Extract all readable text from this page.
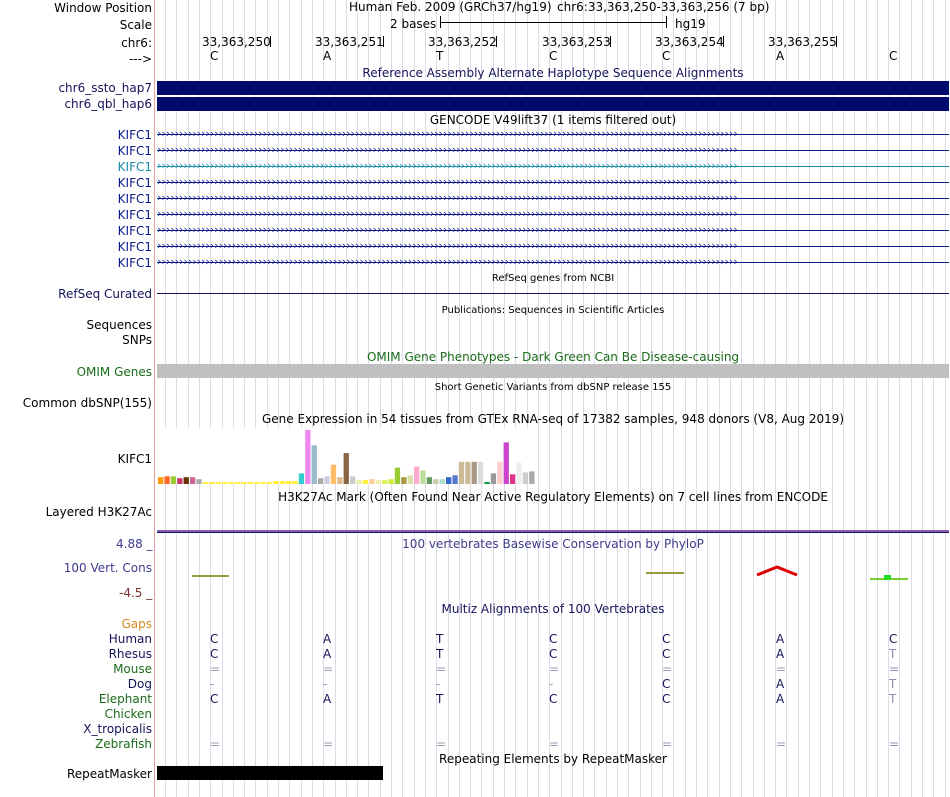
Window Position	Human Feb. 2009 (GRCh37/hg19) chr6:33,363,250-33,363,256 (7 bp)
Scale	2 bases	hg19
chr6:	33,363,250	33,363,251	33,363,252	33,363,253	33,363,254	33,363,255
--->	C	A	T	C	C	A	C
Reference Assembly Alternate Haplotype Sequence Alignments
chr6_ssto_hap7
chr6_qbl_hap6
GENCODE V49lift37 (1 items filtered out)
KIFC1 ››››››››››››››››››››››››››››››››››››››››››››››››››››››››››››››››››››››››››››››››››››››››››››››››››››››››››››››››››››››››››››››››››››
KIFC1 ››››››››››››››››››››››››››››››››››››››››››››››››››››››››››››››››››››››››››››››››››››››››››››››››››››››››››››››››››››››››››››››››››››
KIFC1 ››››››››››››››››››››››››››››››››››››››››››››››››››››››››››››››››››››››››››››››››››››››››››››››››››››››››››››››››››››››››››››››››››››
KIFC1 ››››››››››››››››››››››››››››››››››››››››››››››››››››››››››››››››››››››››››››››››››››››››››››››››››››››››››››››››››››››››››››››››››››
KIFC1 ››››››››››››››››››››››››››››››››››››››››››››››››››››››››››››››››››››››››››››››››››››››››››››››››››››››››››››››››››››››››››››››››››››
KIFC1 ››››››››››››››››››››››››››››››››››››››››››››››››››››››››››››››››››››››››››››››››››››››››››››››››››››››››››››››››››››››››››››››››››››
KIFC1 ››››››››››››››››››››››››››››››››››››››››››››››››››››››››››››››››››››››››››››››››››››››››››››››››››››››››››››››››››››››››››››››››››››
KIFC1 ››››››››››››››››››››››››››››››››››››››››››››››››››››››››››››››››››››››››››››››››››››››››››››››››››››››››››››››››››››››››››››››››››››
KIFC1 ››››››››››››››››››››››››››››››››››››››››››››››››››››››››››››››››››››››››››››››››››››››››››››››››››››››››››››››››››››››››››››››››››››
RefSeq genes from NCBI
RefSeq Curated
Publications: Sequences in Scientific Articles
Sequences
SNPs
OMIM Gene Phenotypes - Dark Green Can Be Disease-causing
OMIM Genes
Short Genetic Variants from dbSNP release 155
Common dbSNP(155)
Gene Expression in 54 tissues from GTEx RNA-seq of 17382 samples, 948 donors (V8, Aug 2019)
KIFC1
H3K27Ac Mark (Often Found Near Active Regulatory Elements) on 7 cell lines from ENCODE
Layered H3K27Ac
4.88 _	100 vertebrates Basewise Conservation by PhyloP
100 Vert. Cons
-4.5 _
Multiz Alignments of 100 Vertebrates
Gaps
Human	C	A	T	C	C	A	C
Rhesus	C	A	T	C	C	A	T
Mouse	=	=	=	=	=	=	=
Dog	-	-	-	-	C	A	T
Elephant	C	A	T	C	C	A	T
Chicken
X_tropicalis
Zebrafish	=	=	=	=	=	=	=
Repeating Elements by RepeatMasker
RepeatMasker
